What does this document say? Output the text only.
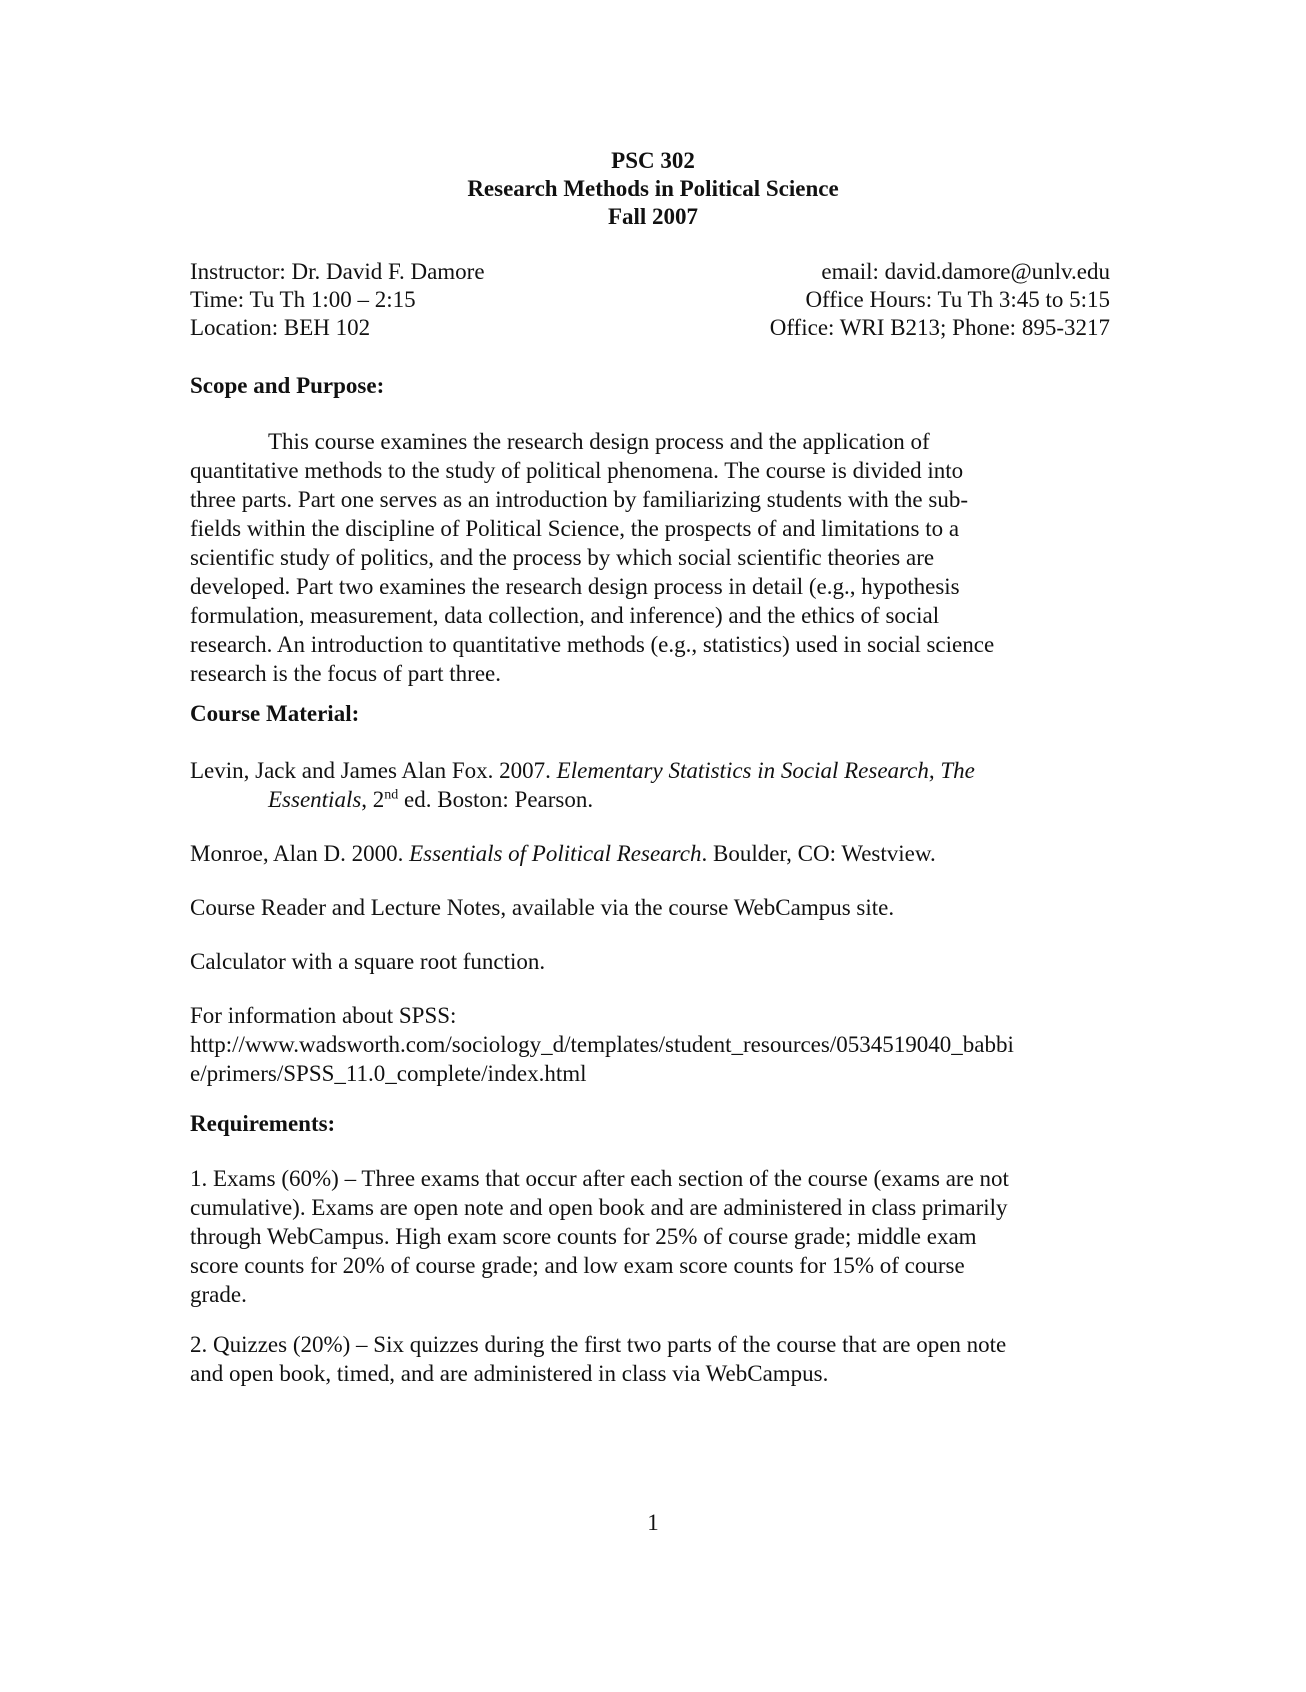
PSC 302
Research Methods in Political Science
Fall 2007
Instructor: Dr. David F. Damore
Time: Tu Th 1:00 – 2:15
Location: BEH 102
email: david.damore@unlv.edu
Office Hours: Tu Th 3:45 to 5:15
Office: WRI B213; Phone: 895-3217
Scope and Purpose:
This course examines the research design process and the application of
quantitative methods to the study of political phenomena. The course is divided into
three parts. Part one serves as an introduction by familiarizing students with the sub-
fields within the discipline of Political Science, the prospects of and limitations to a
scientific study of politics, and the process by which social scientific theories are
developed. Part two examines the research design process in detail (e.g., hypothesis
formulation, measurement, data collection, and inference) and the ethics of social
research. An introduction to quantitative methods (e.g., statistics) used in social science
research is the focus of part three.
Course Material:
Levin, Jack and James Alan Fox. 2007. Elementary Statistics in Social Research, The
Essentials, 2nd ed. Boston: Pearson.
Monroe, Alan D. 2000. Essentials of Political Research. Boulder, CO: Westview.
Course Reader and Lecture Notes, available via the course WebCampus site.
Calculator with a square root function.
For information about SPSS:
http://www.wadsworth.com/sociology_d/templates/student_resources/0534519040_babbi
e/primers/SPSS_11.0_complete/index.html
Requirements:
1. Exams (60%) – Three exams that occur after each section of the course (exams are not
cumulative). Exams are open note and open book and are administered in class primarily
through WebCampus. High exam score counts for 25% of course grade; middle exam
score counts for 20% of course grade; and low exam score counts for 15% of course
grade.
2. Quizzes (20%) – Six quizzes during the first two parts of the course that are open note
and open book, timed, and are administered in class via WebCampus.
1
